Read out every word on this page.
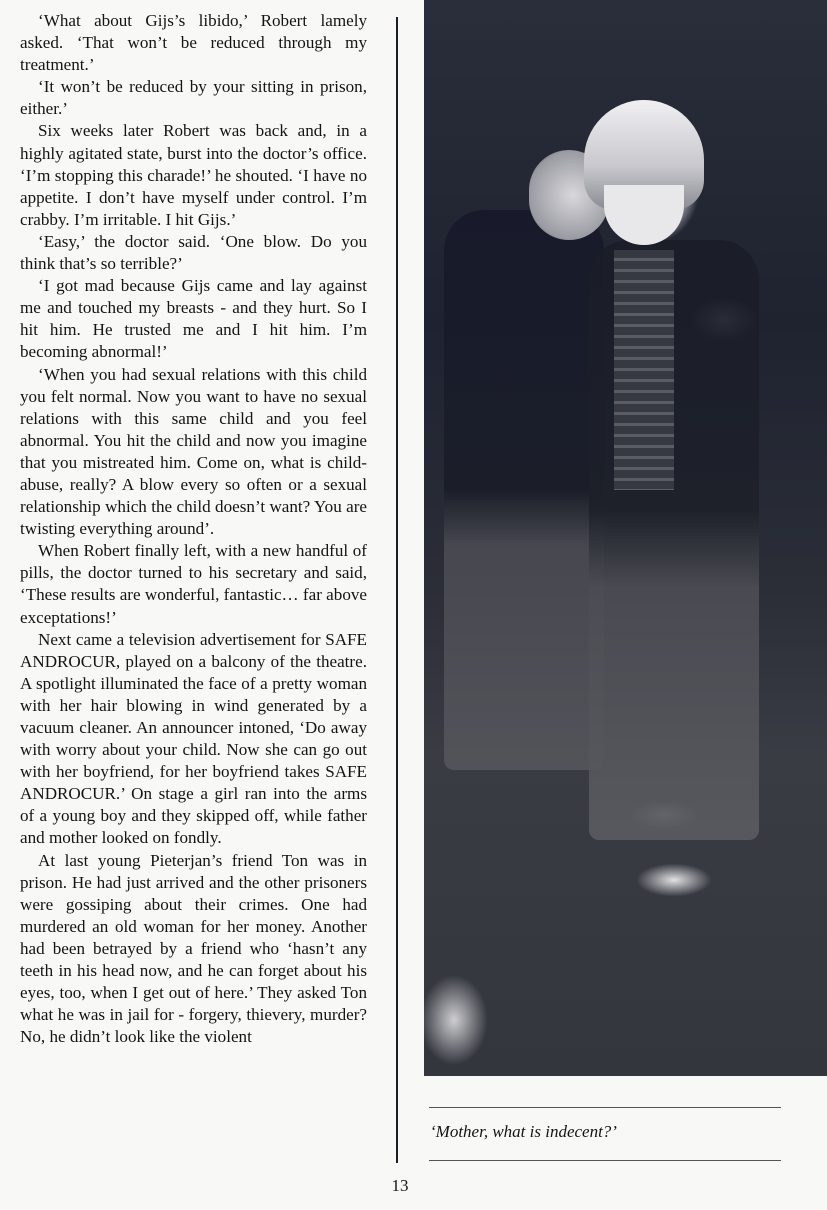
‘What about Gijs’s libido,’ Robert lamely asked. ‘That won’t be reduced through my treatment.’

‘It won’t be reduced by your sitting in prison, either.’

Six weeks later Robert was back and, in a highly agitated state, burst into the doctor’s office. ‘I’m stopping this charade!’ he shouted. ‘I have no appetite. I don’t have myself under control. I’m crabby. I’m irritable. I hit Gijs.’

‘Easy,’ the doctor said. ‘One blow. Do you think that’s so terrible?’

‘I got mad because Gijs came and lay against me and touched my breasts - and they hurt. So I hit him. He trusted me and I hit him. I’m becoming abnormal!’

‘When you had sexual relations with this child you felt normal. Now you want to have no sexual relations with this same child and you feel abnormal. You hit the child and now you imagine that you mistreated him. Come on, what is child-abuse, really? A blow every so often or a sexual relationship which the child doesn’t want? You are twisting everything around’.

When Robert finally left, with a new handful of pills, the doctor turned to his secretary and said, ‘These results are wonderful, fantastic… far above exceptations!’

Next came a television advertisement for SAFE ANDROCUR, played on a balcony of the theatre. A spotlight illuminated the face of a pretty woman with her hair blowing in wind generated by a vacuum cleaner. An announcer intoned, ‘Do away with worry about your child. Now she can go out with her boyfriend, for her boyfriend takes SAFE ANDROCUR.’ On stage a girl ran into the arms of a young boy and they skipped off, while father and mother looked on fondly.

At last young Pieterjan’s friend Ton was in prison. He had just arrived and the other prisoners were gossiping about their crimes. One had murdered an old woman for her money. Another had been betrayed by a friend who ‘hasn’t any teeth in his head now, and he can forget about his eyes, too, when I get out of here.’ They asked Ton what he was in jail for - forgery, thievery, murder? No, he didn’t look like the violent

‘Mother, what is indecent?’
13
